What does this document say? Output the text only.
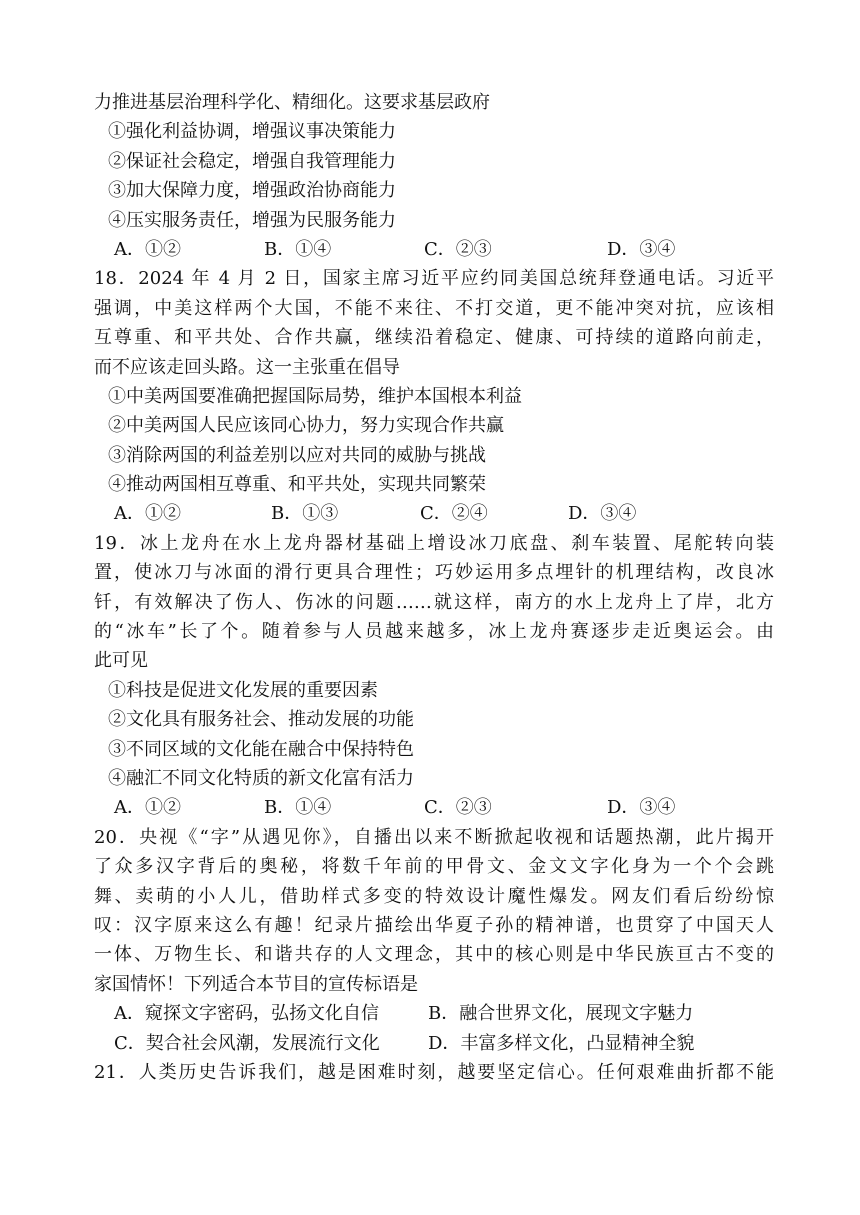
力推进基层治理科学化、精细化。这要求基层政府
①强化利益协调，增强议事决策能力
②保证社会稳定，增强自我管理能力
③加大保障力度，增强政治协商能力
④压实服务责任，增强为民服务能力
A．①②	B．①④	C．②③	D．③④
18．2024 年 4 月 2 日，国家主席习近平应约同美国总统拜登通电话。习近平
强调，中美这样两个大国，不能不来往、不打交道，更不能冲突对抗，应该相
互尊重、和平共处、合作共赢，继续沿着稳定、健康、可持续的道路向前走，
而不应该走回头路。这一主张重在倡导
①中美两国要准确把握国际局势，维护本国根本利益
②中美两国人民应该同心协力，努力实现合作共赢
③消除两国的利益差别以应对共同的威胁与挑战
④推动两国相互尊重、和平共处，实现共同繁荣
A．①②	B．①③	C．②④	D．③④
19．冰上龙舟在水上龙舟器材基础上增设冰刀底盘、刹车装置、尾舵转向装
置，使冰刀与冰面的滑行更具合理性；巧妙运用多点埋针的机理结构，改良冰
钎，有效解决了伤人、伤冰的问题……就这样，南方的水上龙舟上了岸，北方
的“冰车”长了个。随着参与人员越来越多，冰上龙舟赛逐步走近奥运会。由
此可见
①科技是促进文化发展的重要因素
②文化具有服务社会、推动发展的功能
③不同区域的文化能在融合中保持特色
④融汇不同文化特质的新文化富有活力
A．①②	B．①④	C．②③	D．③④
20．央视《“字”从遇见你》，自播出以来不断掀起收视和话题热潮，此片揭开
了众多汉字背后的奥秘，将数千年前的甲骨文、金文文字化身为一个个会跳
舞、卖萌的小人儿，借助样式多变的特效设计魔性爆发。网友们看后纷纷惊
叹：汉字原来这么有趣！纪录片描绘出华夏子孙的精神谱，也贯穿了中国天人
一体、万物生长、和谐共存的人文理念，其中的核心则是中华民族亘古不变的
家国情怀！下列适合本节目的宣传标语是
A．窥探文字密码，弘扬文化自信	B．融合世界文化，展现文字魅力
C．契合社会风潮，发展流行文化	D．丰富多样文化，凸显精神全貌
21．人类历史告诉我们，越是困难时刻，越要坚定信心。任何艰难曲折都不能
